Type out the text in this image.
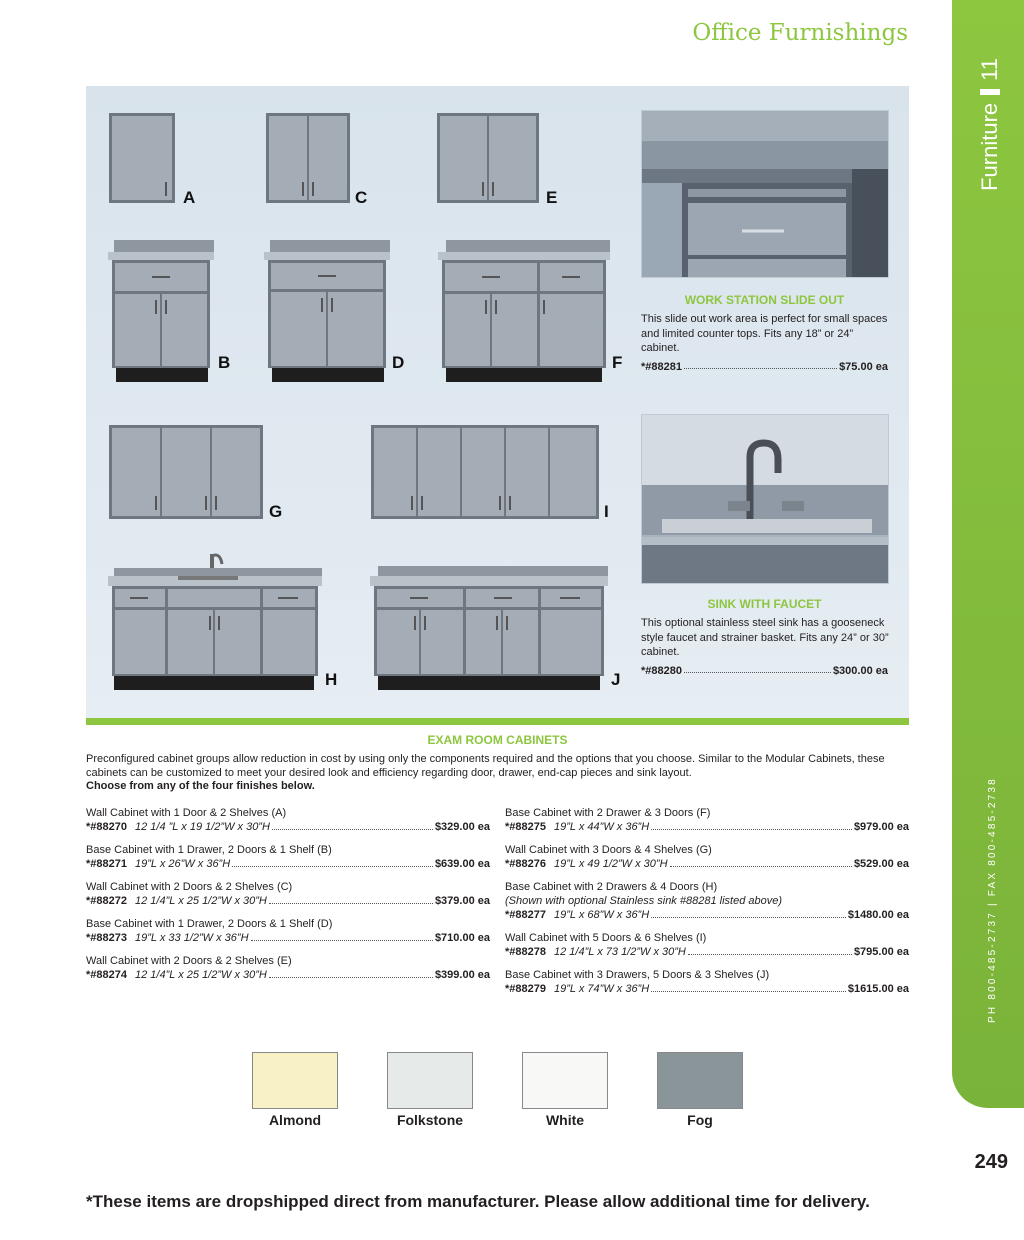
Office Furnishings
Furniture
11
PH 800-485-2737 | FAX 800-485-2738
A	C	E
B	D	F
G	I
H	J
WORK STATION SLIDE OUT
This slide out work area is perfect for small spaces and limited counter tops. Fits any 18” or 24” cabinet.
*#88281	$75.00 ea
SINK WITH FAUCET
This optional stainless steel sink has a gooseneck style faucet and strainer basket. Fits any 24” or 30” cabinet.
*#88280	$300.00 ea
EXAM ROOM CABINETS
Preconfigured cabinet groups allow reduction in cost by using only the components required and the options that you choose. Similar to the Modular Cabinets, these cabinets can be customized to meet your desired look and efficiency regarding door, drawer, end-cap pieces and sink layout.
Choose from any of the four finishes below.
Wall Cabinet with 1 Door & 2 Shelves (A)
*#88270 12 1/4 ”L x 19 1/2”W x 30”H	$329.00 ea
Base Cabinet with 1 Drawer, 2 Doors & 1 Shelf (B)
*#88271 19”L x 26”W x 36”H	$639.00 ea
Wall Cabinet with 2 Doors & 2 Shelves (C)
*#88272 12 1/4”L x 25 1/2”W x 30”H	$379.00 ea
Base Cabinet with 1 Drawer, 2 Doors & 1 Shelf (D)
*#88273 19”L x 33 1/2”W x 36”H	$710.00 ea
Wall Cabinet with 2 Doors & 2 Shelves (E)
*#88274 12 1/4”L x 25 1/2”W x 30”H	$399.00 ea
Base Cabinet with 2 Drawer & 3 Doors (F)
*#88275 19”L x 44”W x 36”H	$979.00 ea
Wall Cabinet with 3 Doors & 4 Shelves (G)
*#88276 19”L x 49 1/2”W x 30”H	$529.00 ea
Base Cabinet with 2 Drawers & 4 Doors (H)
(Shown with optional Stainless sink #88281 listed above)
*#88277 19”L x 68”W x 36”H	$1480.00 ea
Wall Cabinet with 5 Doors & 6 Shelves (I)
*#88278 12 1/4”L x 73 1/2”W x 30”H	$795.00 ea
Base Cabinet with 3 Drawers, 5 Doors & 3 Shelves (J)
*#88279 19”L x 74”W x 36”H	$1615.00 ea
Almond	Folkstone	White	Fog
249
*These items are dropshipped direct from manufacturer. Please allow additional time for delivery.
